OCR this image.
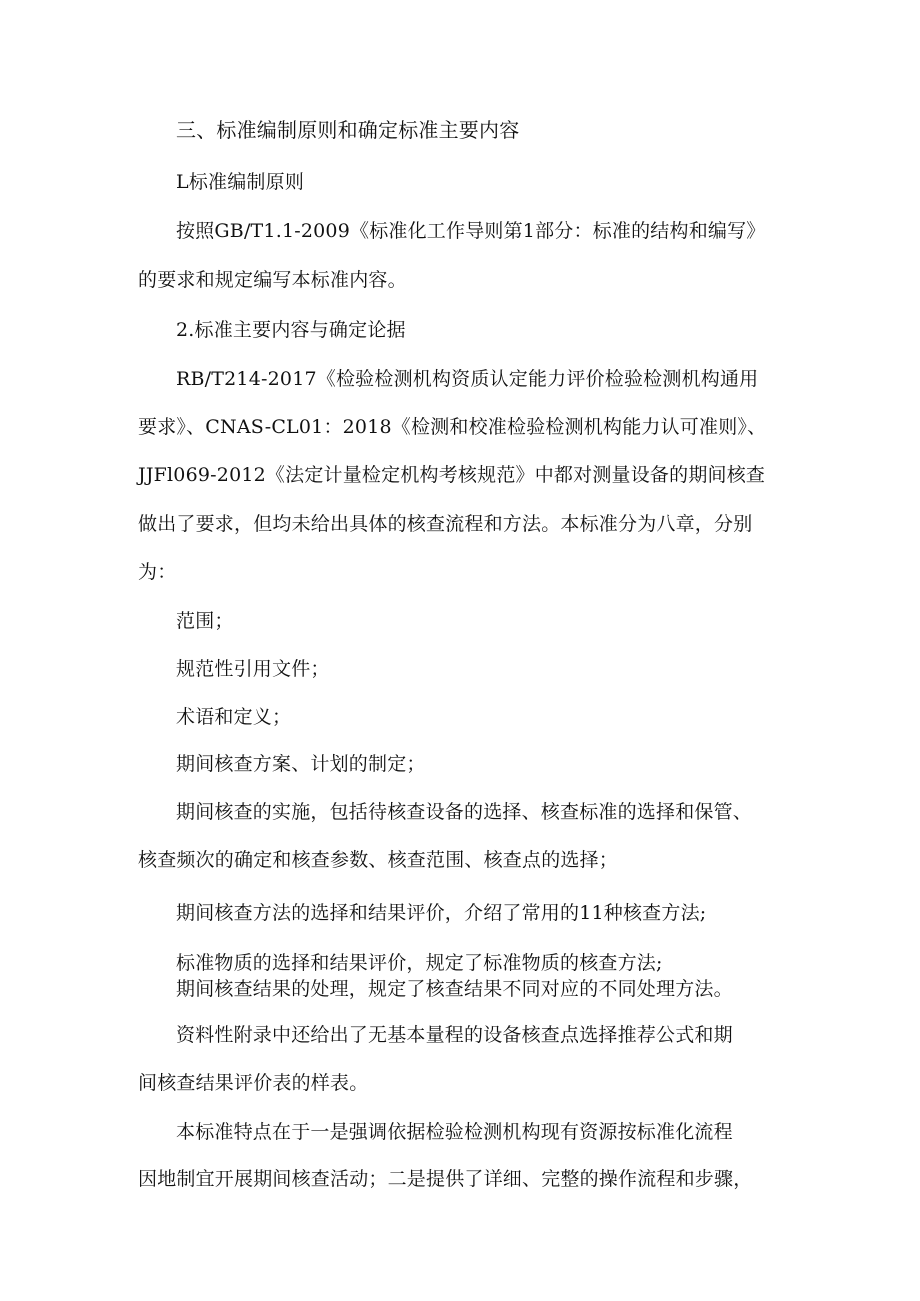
三、标准编制原则和确定标准主要内容
L标准编制原则
按照GB/T1.1-2009《标准化工作导则第1部分：标准的结构和编写》
的要求和规定编写本标准内容。
2.标准主要内容与确定论据
RB/T214-2017《检验检测机构资质认定能力评价检验检测机构通用
要求》、CNAS-CL01：2018《检测和校准检验检测机构能力认可准则》、
JJFl069-2012《法定计量检定机构考核规范》中都对测量设备的期间核查
做出了要求，但均未给出具体的核查流程和方法。本标准分为八章，分别
为：
范围；
规范性引用文件；
术语和定义；
期间核查方案、计划的制定；
期间核查的实施，包括待核查设备的选择、核查标准的选择和保管、
核查频次的确定和核查参数、核查范围、核查点的选择；
期间核查方法的选择和结果评价，介绍了常用的11种核查方法;
标准物质的选择和结果评价，规定了标准物质的核查方法;
期间核查结果的处理，规定了核查结果不同对应的不同处理方法。
资料性附录中还给出了无基本量程的设备核查点选择推荐公式和期
间核查结果评价表的样表。
本标准特点在于一是强调依据检验检测机构现有资源按标准化流程
因地制宜开展期间核查活动；二是提供了详细、完整的操作流程和步骤，
